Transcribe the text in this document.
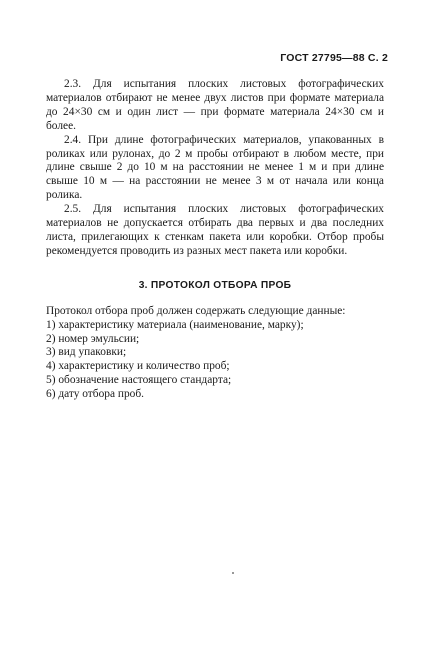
ГОСТ 27795—88 С. 2

2.3. Для испытания плоских листовых фотографических материалов отбирают не менее двух листов при формате материала до 24×30 см и один лист — при формате материала 24×30 см и более.

2.4. При длине фотографических материалов, упакованных в роликах или рулонах, до 2 м пробы отбирают в любом месте, при длине свыше 2 до 10 м на расстоянии не менее 1 м и при длине свыше 10 м — на расстоянии не менее 3 м от начала или конца ролика.

2.5. Для испытания плоских листовых фотографических материалов не допускается отбирать два первых и два последних листа, прилегающих к стенкам пакета или коробки. Отбор пробы рекомендуется проводить из разных мест пакета или коробки.

3. ПРОТОКОЛ ОТБОРА ПРОБ

Протокол отбора проб должен содержать следующие данные:

1) характеристику материала (наименование, марку);
2) номер эмульсии;
3) вид упаковки;
4) характеристику и количество проб;
5) обозначение настоящего стандарта;
6) дату отбора проб.
